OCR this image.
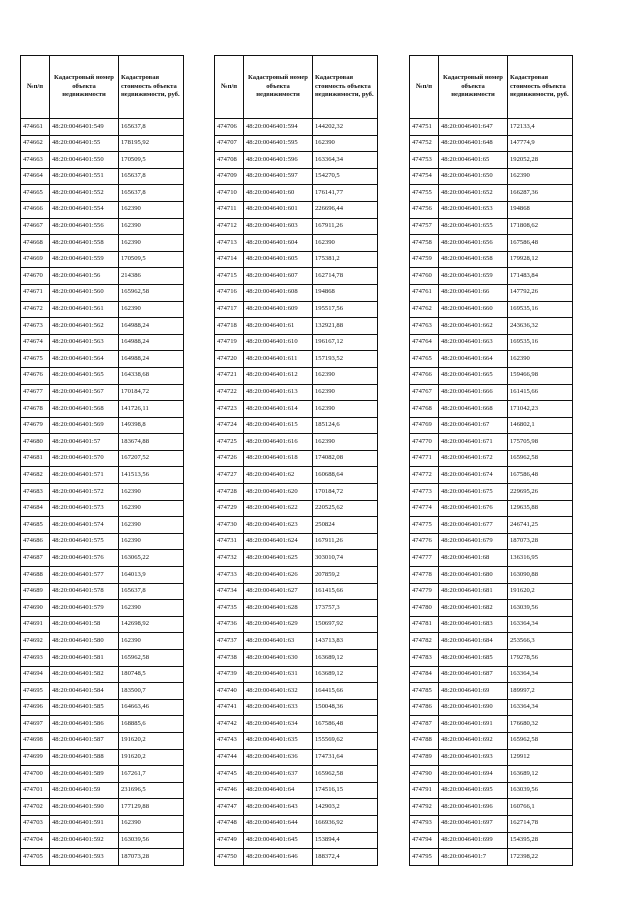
№п/п	Кадастровый номер объекта недвижимости	Кадастровая стоимость объекта недвижимости, руб.
474661	48:20:0046401:549	165637,8
474662	48:20:0046401:55	178195,92
474663	48:20:0046401:550	170509,5
474664	48:20:0046401:551	165637,8
474665	48:20:0046401:552	165637,8
474666	48:20:0046401:554	162390
474667	48:20:0046401:556	162390
474668	48:20:0046401:558	162390
474669	48:20:0046401:559	170509,5
474670	48:20:0046401:56	214386
474671	48:20:0046401:560	165962,58
474672	48:20:0046401:561	162390
474673	48:20:0046401:562	164988,24
474674	48:20:0046401:563	164988,24
474675	48:20:0046401:564	164988,24
474676	48:20:0046401:565	164338,68
474677	48:20:0046401:567	170184,72
474678	48:20:0046401:568	141726,11
474679	48:20:0046401:569	149398,8
474680	48:20:0046401:57	183674,88
474681	48:20:0046401:570	167207,52
474682	48:20:0046401:571	141513,56
474683	48:20:0046401:572	162390
474684	48:20:0046401:573	162390
474685	48:20:0046401:574	162390
474686	48:20:0046401:575	162390
474687	48:20:0046401:576	163065,22
474688	48:20:0046401:577	164013,9
474689	48:20:0046401:578	165637,8
474690	48:20:0046401:579	162390
474691	48:20:0046401:58	142698,92
474692	48:20:0046401:580	162390
474693	48:20:0046401:581	165962,58
474694	48:20:0046401:582	180748,5
474695	48:20:0046401:584	183500,7
474696	48:20:0046401:585	164663,46
474697	48:20:0046401:586	168885,6
474698	48:20:0046401:587	191620,2
474699	48:20:0046401:588	191620,2
474700	48:20:0046401:589	167261,7
474701	48:20:0046401:59	231696,5
474702	48:20:0046401:590	177129,88
474703	48:20:0046401:591	162390
474704	48:20:0046401:592	163039,56
474705	48:20:0046401:593	187073,28
№п/п	Кадастровый номер объекта недвижимости	Кадастровая стоимость объекта недвижимости, руб.
474706	48:20:0046401:594	144202,32
474707	48:20:0046401:595	162390
474708	48:20:0046401:596	163364,34
474709	48:20:0046401:597	154270,5
474710	48:20:0046401:60	176141,77
474711	48:20:0046401:601	226696,44
474712	48:20:0046401:603	167911,26
474713	48:20:0046401:604	162390
474714	48:20:0046401:605	175381,2
474715	48:20:0046401:607	162714,78
474716	48:20:0046401:608	194868
474717	48:20:0046401:609	195517,56
474718	48:20:0046401:61	132921,88
474719	48:20:0046401:610	196167,12
474720	48:20:0046401:611	157193,52
474721	48:20:0046401:612	162390
474722	48:20:0046401:613	162390
474723	48:20:0046401:614	162390
474724	48:20:0046401:615	185124,6
474725	48:20:0046401:616	162390
474726	48:20:0046401:618	174082,08
474727	48:20:0046401:62	160688,64
474728	48:20:0046401:620	170184,72
474729	48:20:0046401:622	220525,62
474730	48:20:0046401:623	250824
474731	48:20:0046401:624	167911,26
474732	48:20:0046401:625	303010,74
474733	48:20:0046401:626	207859,2
474734	48:20:0046401:627	161415,66
474735	48:20:0046401:628	173757,3
474736	48:20:0046401:629	150697,92
474737	48:20:0046401:63	143713,83
474738	48:20:0046401:630	163689,12
474739	48:20:0046401:631	163689,12
474740	48:20:0046401:632	164415,66
474741	48:20:0046401:633	150048,36
474742	48:20:0046401:634	167586,48
474743	48:20:0046401:635	155569,62
474744	48:20:0046401:636	174731,64
474745	48:20:0046401:637	165962,58
474746	48:20:0046401:64	174516,15
474747	48:20:0046401:643	142903,2
474748	48:20:0046401:644	166936,92
474749	48:20:0046401:645	153894,4
474750	48:20:0046401:646	188372,4
№п/п	Кадастровый номер объекта недвижимости	Кадастровая стоимость объекта недвижимости, руб.
474751	48:20:0046401:647	172133,4
474752	48:20:0046401:648	147774,9
474753	48:20:0046401:65	192052,28
474754	48:20:0046401:650	162390
474755	48:20:0046401:652	166287,36
474756	48:20:0046401:653	194868
474757	48:20:0046401:655	171808,62
474758	48:20:0046401:656	167586,48
474759	48:20:0046401:658	179928,12
474760	48:20:0046401:659	171483,84
474761	48:20:0046401:66	147792,26
474762	48:20:0046401:660	169535,16
474763	48:20:0046401:662	243636,32
474764	48:20:0046401:663	169535,16
474765	48:20:0046401:664	162390
474766	48:20:0046401:665	159466,98
474767	48:20:0046401:666	161415,66
474768	48:20:0046401:668	171042,23
474769	48:20:0046401:67	146802,1
474770	48:20:0046401:671	175705,98
474771	48:20:0046401:672	165962,58
474772	48:20:0046401:674	167586,48
474773	48:20:0046401:675	229695,26
474774	48:20:0046401:676	129635,88
474775	48:20:0046401:677	246741,25
474776	48:20:0046401:679	187073,28
474777	48:20:0046401:68	136316,95
474778	48:20:0046401:680	163090,88
474779	48:20:0046401:681	191620,2
474780	48:20:0046401:682	163039,56
474781	48:20:0046401:683	163364,34
474782	48:20:0046401:684	253566,3
474783	48:20:0046401:685	179278,56
474784	48:20:0046401:687	163364,34
474785	48:20:0046401:69	189997,2
474786	48:20:0046401:690	163364,34
474787	48:20:0046401:691	176680,32
474788	48:20:0046401:692	165962,58
474789	48:20:0046401:693	129912
474790	48:20:0046401:694	163689,12
474791	48:20:0046401:695	163039,56
474792	48:20:0046401:696	160766,1
474793	48:20:0046401:697	162714,78
474794	48:20:0046401:699	154395,28
474795	48:20:0046401:7	172398,22
